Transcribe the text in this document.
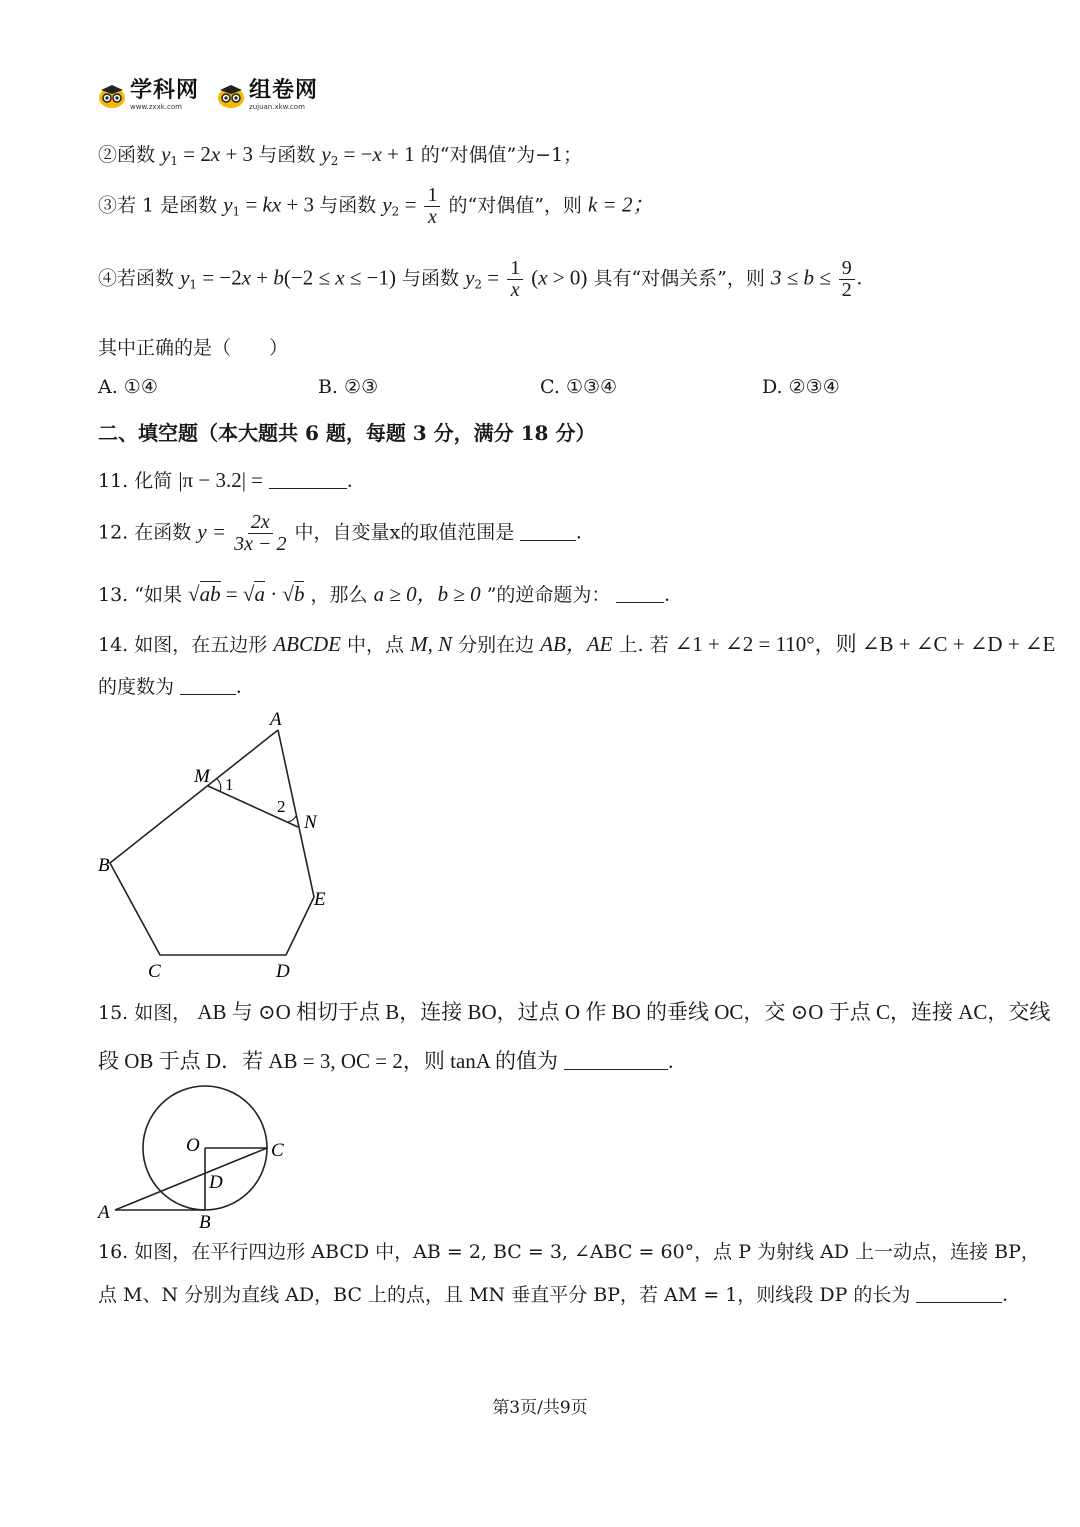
学科网
www.zxxk.com
组卷网
zujuan.xkw.com
②函数 $y_1 = 2x + 3$ 与函数 $y_2 = -x + 1$ 的“对偶值”为−1；
③若 1 是函数 $y_1$ = kx + 3 与函数 $y_2 = \frac{1}{x}$ 的“对偶值”，则 k = 2；
④若函数 $y_1 = -2x + b(-2 \le x \le -1)$ 与函数 $y_2 = \frac{1}{x} (x > 0)$ 具有“对偶关系”，则 $3 \le b \le \frac{9}{2}$ .
其中正确的是（　　）
A. ①④	B. ②③	C. ①③④	D. ②③④
二、填空题（本大题共 6 题，每题 3 分，满分 18 分）
11. 化简 |π − 3.2| =	.
12. 在函数 $y = \frac{2x}{3x - 2}$ 中，自变量x的取值范围是	.
13. “如果 √ab = √a · √b ，那么 a ≥ 0，b ≥ 0 ”的逆命题为：	.
14. 如图，在五边形 ABCDE 中，点 M, N 分别在边 AB，AE 上. 若 ∠1 + ∠2 = 110°，则 ∠B + ∠C + ∠D + ∠E
的度数为	.
A
M 1
2
N
B
E
C	D
15. 如图， AB 与 ⊙O 相切于点 B，连接 BO，过点 O 作 BO 的垂线 OC，交 ⊙O 于点 C，连接 AC，交线
段 OB 于点 D．若 AB = 3, OC = 2，则 tanA 的值为	.
O	C
D
A	B
16. 如图，在平行四边形 ABCD 中，AB = 2, BC = 3, ∠ABC = 60°，点 P 为射线 AD 上一动点，连接 BP，
点 M、N 分别为直线 AD，BC 上的点，且 MN 垂直平分 BP，若 AM = 1，则线段 DP 的长为	.
第3页/共9页
